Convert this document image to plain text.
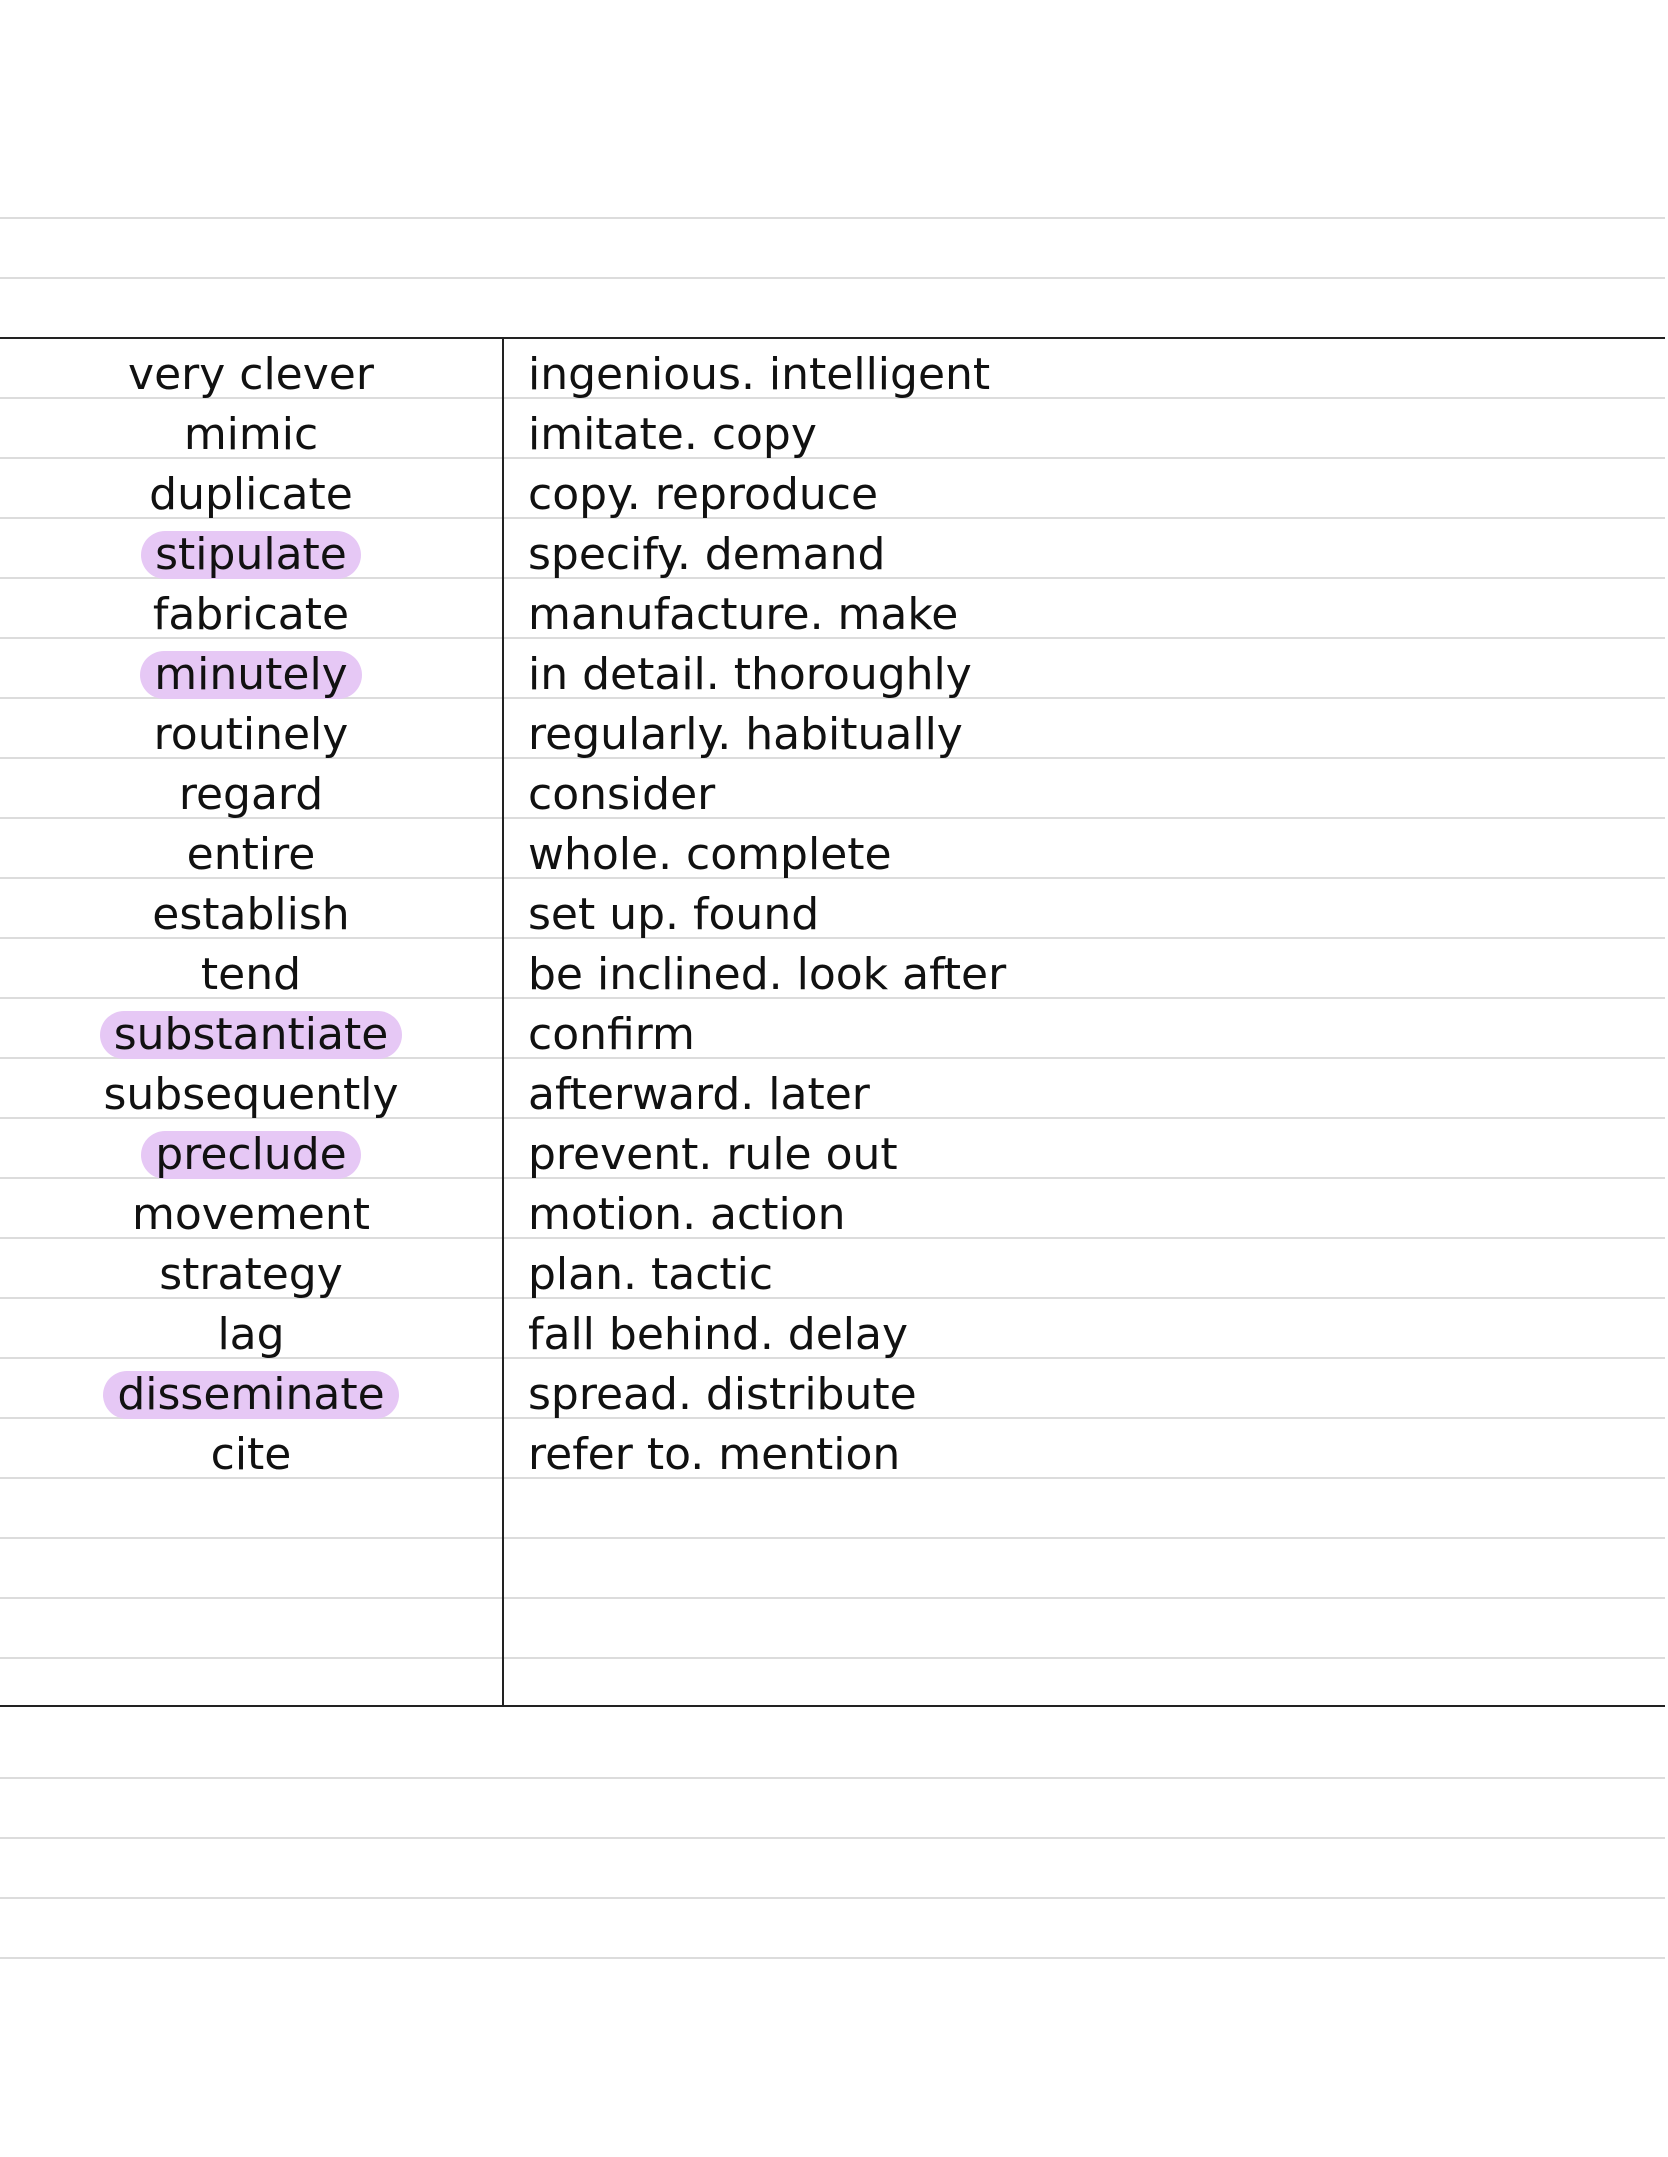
very clever	ingenious. intelligent
mimic	imitate. copy
duplicate	copy. reproduce
stipulate	specify. demand
fabricate	manufacture. make
minutely	in detail. thoroughly
routinely	regularly. habitually
regard	consider
entire	whole. complete
establish	set up. found
tend	be inclined. look after
substantiate	confirm
subsequently	afterward. later
preclude	prevent. rule out
movement	motion. action
strategy	plan. tactic
lag	fall behind. delay
disseminate	spread. distribute
cite	refer to. mention
